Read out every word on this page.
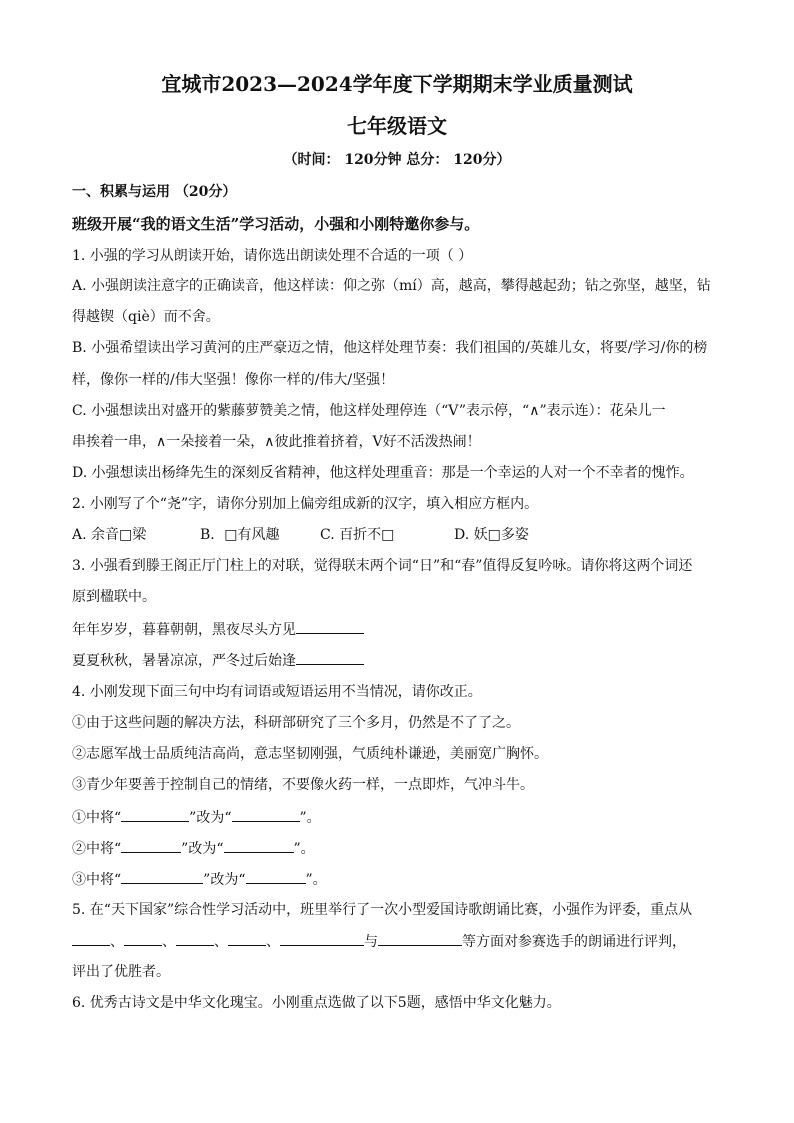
宜城市2023—2024学年度下学期期末学业质量测试
七年级语文
（时间： 120分钟 总分： 120分）
一、积累与运用 （20分）
班级开展“我的语文生活”学习活动，小强和小刚特邀你参与。
1. 小强的学习从朗读开始，请你选出朗读处理不合适的一项（ ）
A. 小强朗读注意字的正确读音，他这样读：仰之弥（mí）高，越高，攀得越起劲；钻之弥坚，越坚，钻
得越锲（qiè）而不舍。
B. 小强希望读出学习黄河的庄严豪迈之情，他这样处理节奏：我们祖国的/英雄儿女，将要/学习/你的榜
样，像你一样的/伟大坚强！像你一样的/伟大/坚强！
C. 小强想读出对盛开的紫藤萝赞美之情，他这样处理停连（“V”表示停，“∧”表示连）：花朵儿一
串挨着一串，∧一朵接着一朵，∧彼此推着挤着，V好不活泼热闹！
D. 小强想读出杨绛先生的深刻反省精神，他这样处理重音：那是一个幸运的人对一个不幸者的愧怍。
2. 小刚写了个“尧”字，请你分别加上偏旁组成新的汉字，填入相应方框内。
A. 余音□梁	B．□有风趣	C. 百折不□	D. 妖□多姿
3. 小强看到滕王阁正厅门柱上的对联，觉得联末两个词“日”和“春”值得反复吟咏。请你将这两个词还
原到楹联中。
年年岁岁，暮暮朝朝，黑夜尽头方见
夏夏秋秋，暑暑凉凉，严冬过后始逢
4. 小刚发现下面三句中均有词语或短语运用不当情况，请你改正。
①由于这些问题的解决方法，科研部研究了三个多月，仍然是不了了之。
②志愿军战士品质纯洁高尚，意志坚韧刚强，气质纯朴谦逊，美丽宽广胸怀。
③青少年要善于控制自己的情绪，不要像火药一样，一点即炸，气冲斗牛。
①中将“	”改为“	”。
②中将“	”改为“	”。
③中将“	”改为“	”。
5. 在“天下国家”综合性学习活动中，班里举行了一次小型爱国诗歌朗诵比赛，小强作为评委，重点从
、	、	、	、	与	等方面对参赛选手的朗诵进行评判，
评出了优胜者。
6. 优秀古诗文是中华文化瑰宝。小刚重点选做了以下5题，感悟中华文化魅力。
